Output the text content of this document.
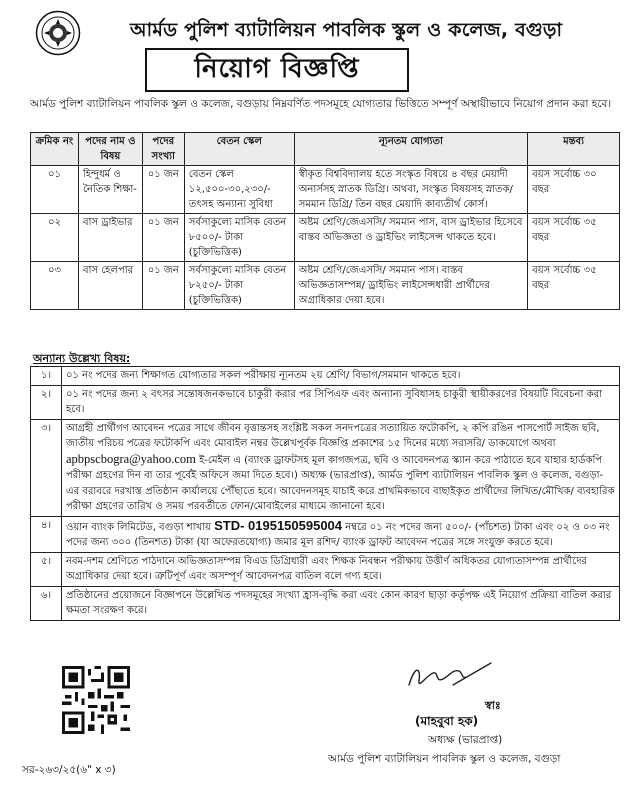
আর্মড পুলিশ ব্যাটালিয়ন পাবলিক স্কুল ও কলেজ, বগুড়া
নিয়োগ বিজ্ঞপ্তি
আর্মড পুলিশ ব্যাটালিয়ন পাবলিক স্কুল ও কলেজ, বগুড়ায় নিম্নবর্ণিত পদসমূহে যোগ্যতার ভিত্তিতে সম্পূর্ণ অস্থায়ীভাবে নিয়োগ প্রদান করা হবে।
ক্রমিক নং	পদের নাম ও বিষয়	পদের সংখ্যা	বেতন স্কেল	ন্যূনতম যোগ্যতা	মন্তব্য
০১	হিন্দুধর্ম ও নৈতিক শিক্ষা-	০১ জন	বেতন স্কেল ১২,৫০০-৩০,২৩০/- তৎসহ অন্যান্য সুবিধা	স্বীকৃত বিশ্ববিদ্যালয় হতে সংস্কৃত বিষয়ে ৪ বছর মেয়াদী অনার্সসহ স্নাতক ডিগ্রি। অথবা, সংস্কৃত বিষয়সহ স্নাতক/ সমমান ডিগ্রি/ তিন বছর মেয়াদি কাব্যতীর্থ কোর্স।	বয়স সর্বোচ্চ ৩০ বছর
০২	বাস ড্রাইভার	০১ জন	সর্বসাকুল্যে মাসিক বেতন ৮৫০০/- টাকা (চুক্তিভিত্তিক)	অষ্টম শ্রেণি/জেএসসি/ সমমান পাস, বাস ড্রাইভার হিসেবে বাস্তব অভিজ্ঞতা ও ড্রাইভিং লাইসেন্স থাকতে হবে।	বয়স সর্বোচ্চ ৩৫ বছর
০৩	বাস হেলপার	০১ জন	সর্বসাকুল্যে মাসিক বেতন ৮২৫০/- টাকা (চুক্তিভিত্তিক)	অষ্টম শ্রেণি/জেএসসি/ সমমান পাস। বাস্তব অভিজ্ঞতাসম্পন্ন/ ড্রাইভিং লাইসেন্সধারী প্রার্থীদের অগ্রাধিকার দেয়া হবে।	বয়স সর্বোচ্চ ৩৫ বছর
অন্যান্য উল্লেখ্য বিষয়:
১।	০১ নং পদের জন্য শিক্ষাগত যোগ্যতার সকল পরীক্ষায় ন্যূনতম ২য় শ্রেণি/ বিভাগ/সমমান থাকতে হবে।
২।	০১ নং পদের জন্য ২ বৎসর সন্তোষজনকভাবে চাকুরী করার পর সিপিএফ এবং অন্যান্য সুবিধাসহ চাকুরী স্থায়ীকরণের বিষয়টি বিবেচনা করা হবে।
৩।	আগ্রহী প্রার্থীগণ আবেদন পত্রের সাথে জীবন বৃত্তান্তসহ সংশ্লিষ্ট সকল সনদপত্রের সত্যায়িত ফটোকপি, ২ কপি রঙিন পাসপোর্ট সাইজ ছবি, জাতীয় পরিচয় পত্রের ফটোকপি এবং মোবাইল নম্বর উল্লেখপূর্বক বিজ্ঞপ্তি প্রকাশের ১৫ দিনের মধ্যে সরাসরি/ ডাকযোগে অথবা apbpscbogra@yahoo.com ই-মেইল এ (ব্যাংক ড্রাফটসহ মূল কাগজপত্র, ছবি ও আবেদনপত্র স্ক্যান করে পাঠাতে হবে যাহার হার্ডকপি পরীক্ষা গ্রহণের দিন বা তার পূর্বেই অফিসে জমা দিতে হবে।) অধ্যক্ষ (ভারপ্রাপ্ত), আর্মড পুলিশ ব্যাটালিয়ন পাবলিক স্কুল ও কলেজ, বগুড়া-এর বরাবরে দরখাস্ত প্রতিষ্ঠান কার্যালয়ে পৌঁছাতে হবে। আবেদনসমূহ যাচাই করে প্রাথমিকভাবে বাছাইকৃত প্রার্থীদের লিখিত/মৌখিক/ ব্যবহারিক পরীক্ষা গ্রহণের তারিখ ও সময় পরবর্তীতে ফোন/মোবাইলের মাধ্যমে জানানো হবে।
৪।	ওয়ান ব্যাংক লিমিটেড, বগুড়া শাখায় STD- 0195150595004 নম্বরে ০১ নং পদের জন্য ৫০০/- (পাঁচশত) টাকা এবং ০২ ও ০৩ নং পদের জন্য ৩০০ (তিনশত) টাকা (যা অফেরতযোগ্য) জমার মূল রশিদ/ ব্যাংক ড্রাফট আবেদন পত্রের সঙ্গে সংযুক্ত করতে হবে।
৫।	নবম-দশম শ্রেণিতে পাঠদানে অভিজ্ঞতাসম্পন্ন বিএড ডিগ্রিধারী এবং শিক্ষক নিবন্ধন পরীক্ষায় উত্তীর্ণ অধিকতর যোগ্যতাসম্পন্ন প্রার্থীদের অগ্রাধিকার দেয়া হবে। ত্রুটিপূর্ণ এবং অসম্পূর্ণ আবেদনপত্র বাতিল বলে গণ্য হবে।
৬।	প্রতিষ্ঠানের প্রয়োজনে বিজ্ঞাপনে উল্লেখিত পদসমূহের সংখ্যা হ্রাস-বৃদ্ধি করা এবং কোন কারণ ছাড়া কর্তৃপক্ষ এই নিয়োগ প্রক্রিয়া বাতিল করার ক্ষমতা সংরক্ষণ করে।
স্বাঃ
(মাহবুবা হক)
অধ্যক্ষ (ভারপ্রাপ্ত)
আর্মড পুলিশ ব্যাটালিয়ন পাবলিক স্কুল ও কলেজ, বগুড়া
সর-২৬৩/২৫(৬" x ৩)
